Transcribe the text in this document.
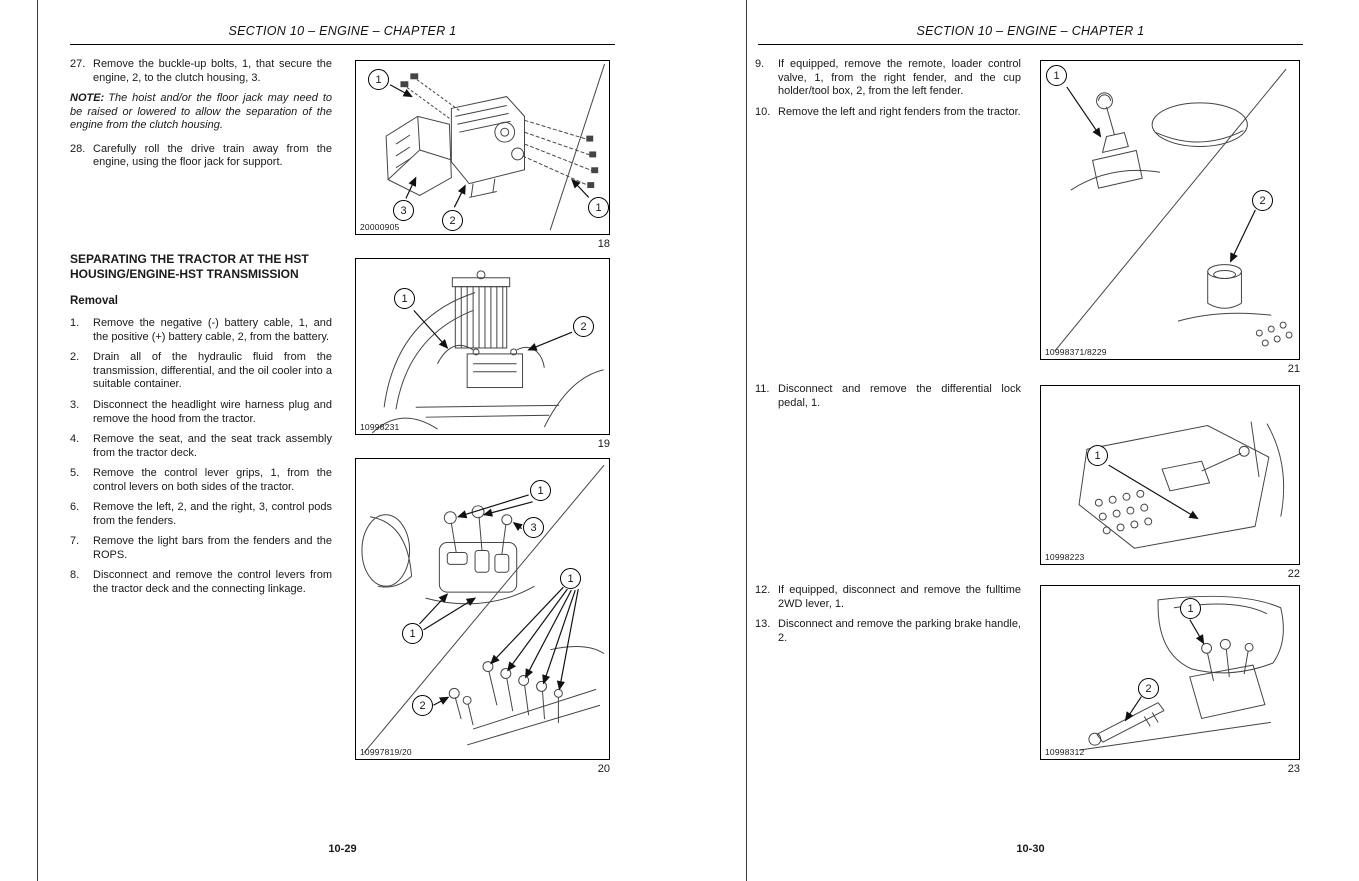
SECTION 10 – ENGINE – CHAPTER 1
27. Remove the buckle-up bolts, 1, that secure the engine, 2, to the clutch housing, 3.

NOTE: The hoist and/or the floor jack may need to be raised or lowered to allow the separation of the engine from the clutch housing.

28. Carefully roll the drive train away from the engine, using the floor jack for support.
SEPARATING THE TRACTOR AT THE HST HOUSING/ENGINE-HST TRANSMISSION
Removal
1.	Remove the negative (-) battery cable, 1, and the positive (+) battery cable, 2, from the battery.
2.	Drain all of the hydraulic fluid from the transmission, differential, and the oil cooler into a suitable container.
3.	Disconnect the headlight wire harness plug and remove the hood from the tractor.
4.	Remove the seat, and the seat track assembly from the tractor deck.
5.	Remove the control lever grips, 1, from the control levers on both sides of the tractor.
6.	Remove the left, 2, and the right, 3, control pods from the fenders.
7.	Remove the light bars from the fenders and the ROPS.
8.	Disconnect and remove the control levers from the tractor deck and the connecting linkage.
1
3
2
1
20000905
18
1
2
10998231
19
1
3
1
1
2
10997819/20
20
10-29
SECTION 10 – ENGINE – CHAPTER 1
9.	If equipped, remove the remote, loader control valve, 1, from the right fender, and the cup holder/tool box, 2, from the left fender.
10. Remove the left and right fenders from the tractor.
11. Disconnect and remove the differential lock pedal, 1.
12. If equipped, disconnect and remove the fulltime 2WD lever, 1.
13. Disconnect and remove the parking brake handle, 2.
1
2
10998371/8229
21
1
10998223
22
1
2
10998312
23
10-30
